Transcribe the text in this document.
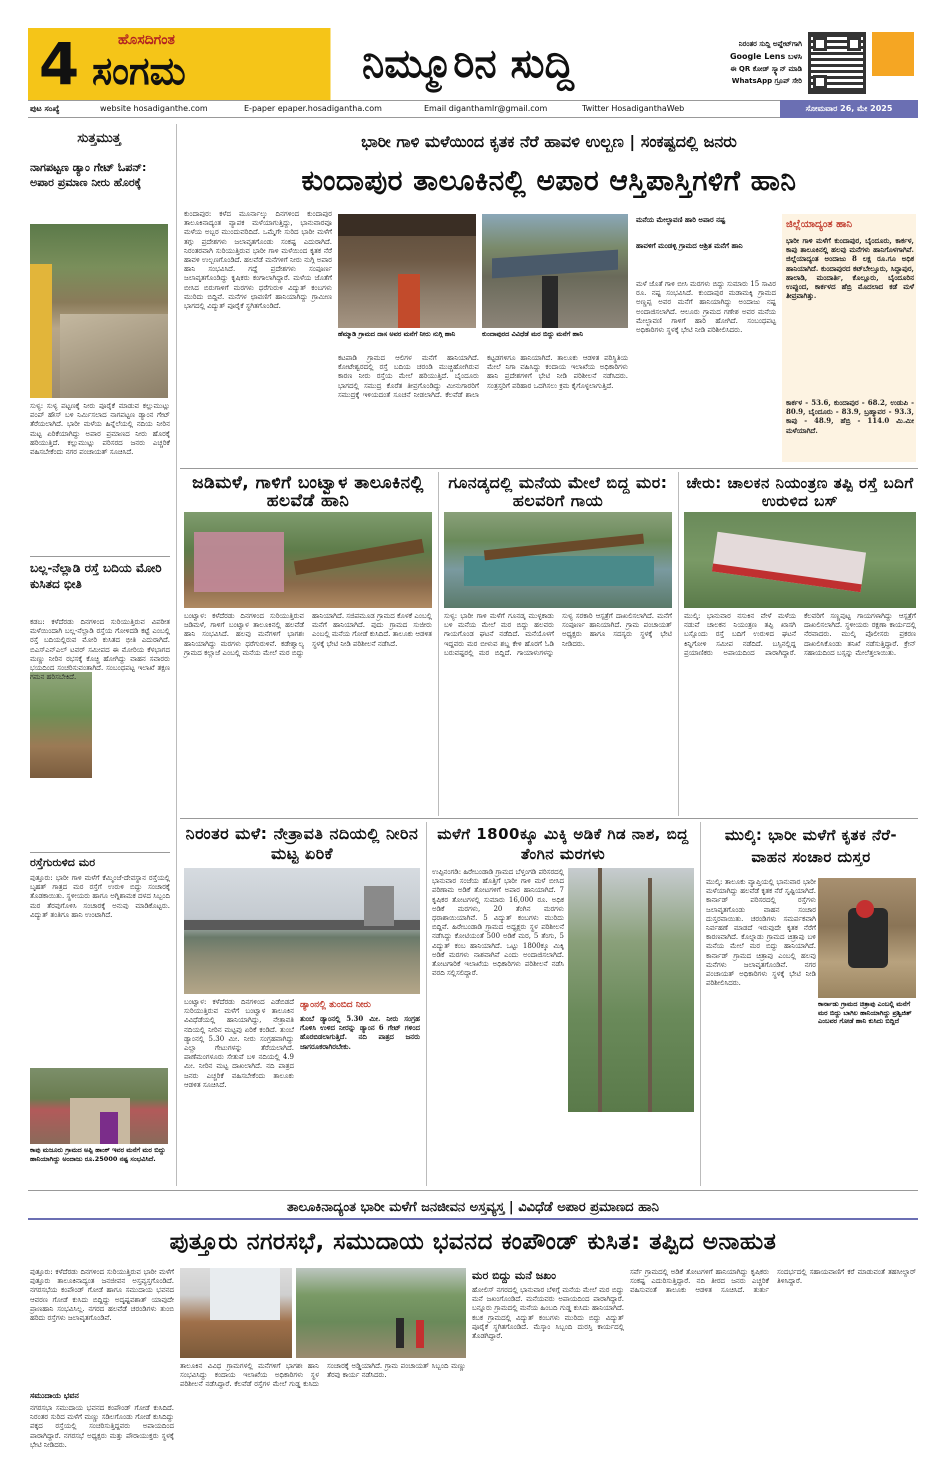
4	ಹೊಸದಿಗಂತ
ಸಂಗಮ	ನಿಮ್ಮೂರಿನ ಸುದ್ದಿ	ನಿರಂತರ ಸುದ್ದಿ ಅಪ್ಡೇಟ್‌ಗಾಗಿ
Google Lens ಬಳಸಿ
ಈ QR ಕೋಡ್ ಸ್ಕ್ಯಾನ್ ಮಾಡಿ
WhatsApp ಗ್ರೂಪ್ ಸೇರಿ
ಪುಟ ಸಂಖ್ಯೆ	website hosadiganthe.com	E-paper epaper.hosadigantha.com	Email diganthamlr@gmail.com	Twitter HosadiganthaWeb	ಸೋಮವಾರ 26, ಮೇ 2025
ಸುತ್ತಮುತ್ತ
ನಾಗಪಟ್ಟಣ ಡ್ಯಾಂ ಗೇಟ್ ಓಪನ್: ಅಪಾರ ಪ್ರಮಾಣ ನೀರು ಹೊರಕ್ಕೆ
ಸುಳ್ಯ: ಸುಳ್ಯ ಪಟ್ಟಣಕ್ಕೆ ನೀರು ಪೂರೈಕೆ ಮಾಡುವ ಕಲ್ಲುಮುಟ್ಲು ಪಂಪ್ ಹೌಸ್ ಬಳಿ ನಿರ್ಮಿಸಲಾದ ನಾಗಪಟ್ಟಣ ಡ್ಯಾಂನ ಗೇಟ್ ತೆರೆಯಲಾಗಿದೆ. ಭಾರೀ ಮಳೆಯ ಹಿನ್ನೆಲೆಯಲ್ಲಿ ನದಿಯ ನೀರಿನ ಮಟ್ಟ ಏರಿಕೆಯಾಗಿದ್ದು ಅಪಾರ ಪ್ರಮಾಣದ ನೀರು ಹೊರಕ್ಕೆ ಹರಿಯುತ್ತಿದೆ. ಕಲ್ಲುಮುಟ್ಲು ಪರಿಸರದ ಜನರು ಎಚ್ಚರಿಕೆ ವಹಿಸಬೇಕೆಂದು ನಗರ ಪಂಚಾಯತ್ ಸೂಚಿಸಿದೆ.
ಬಲ್ಲ-ನೆಲ್ಲಾಡಿ ರಸ್ತೆ ಬದಿಯ ಮೋರಿ ಕುಸಿತದ ಭೀತಿ
ಕಡಬ: ಕಳೆದೆರಡು ದಿನಗಳಿಂದ ಸುರಿಯುತ್ತಿರುವ ವಿಪರೀತ ಮಳೆಯಿಂದಾಗಿ ಬಲ್ಲ-ನೆಲ್ಲಾಡಿ ರಸ್ತೆಯ ಗೋಳಿದಡಿ ಕಟ್ಟೆ ಎಂಬಲ್ಲಿ ರಸ್ತೆ ಬದಿಯಲ್ಲಿರುವ ಮೋರಿ ಕುಸಿತದ ಭೀತಿ ಎದುರಾಗಿದೆ. ಬಿಎಸ್‌ಎನ್‌ಎಲ್ ಟವರ್ ಸಮೀಪದ ಈ ಮೋರಿಯ ಕೆಳಭಾಗದ ಮಣ್ಣು ನೀರಿನ ರಭಸಕ್ಕೆ ಕೊಚ್ಚಿ ಹೋಗಿದ್ದು ವಾಹನ ಸವಾರರು ಭಯದಿಂದ ಸಂಚರಿಸುವಂತಾಗಿದೆ. ಸಂಬಂಧಪಟ್ಟ ಇಲಾಖೆ ತಕ್ಷಣ ಗಮನ ಹರಿಸಬೇಕಿದೆ.
ರಸ್ತೆಗುರುಳಿದ ಮರ
ಪುತ್ತೂರು: ಭಾರೀ ಗಾಳಿ ಮಳೆಗೆ ಕೆಮ್ಮಿಂಜೆ-ದೇವಸ್ಥಾನ ರಸ್ತೆಯಲ್ಲಿ ಬೃಹತ್ ಗಾತ್ರದ ಮರ ರಸ್ತೆಗೆ ಉರುಳಿ ಬಿದ್ದು ಸಂಚಾರಕ್ಕೆ ತೊಡಕಾಯಿತು. ಸ್ಥಳೀಯರು ಹಾಗೂ ಅಗ್ನಿಶಾಮಕ ದಳದ ಸಿಬ್ಬಂದಿ ಮರ ತೆರವುಗೊಳಿಸಿ ಸಂಚಾರಕ್ಕೆ ಅನುವು ಮಾಡಿಕೊಟ್ಟರು. ವಿದ್ಯುತ್ ತಂತಿಗೂ ಹಾನಿ ಉಂಟಾಗಿದೆ.
ಕಾಪು ಮಜೂರು ಗ್ರಾಮದ ಅಪ್ಪಿ ಹಾಂಕ್ ಇವರ ಮನೆಗೆ ಮರ ಬಿದ್ದು ಹಾನಿಯಾಗಿದ್ದು ಅಂದಾಜು ರೂ.25000 ನಷ್ಟ ಸಂಭವಿಸಿದೆ.
ಭಾರೀ ಗಾಳಿ ಮಳೆಯಿಂದ ಕೃತಕ ನೆರೆ ಹಾವಳಿ ಉಲ್ಬಣ | ಸಂಕಷ್ಟದಲ್ಲಿ ಜನರು
ಕುಂದಾಪುರ ತಾಲೂಕಿನಲ್ಲಿ ಅಪಾರ ಆಸ್ತಿಪಾಸ್ತಿಗಳಿಗೆ ಹಾನಿ
ಕುಂದಾಪುರ: ಕಳೆದ ಮೂರ್ನಾಲ್ಕು ದಿನಗಳಿಂದ ಕುಂದಾಪುರ ತಾಲೂಕಿನಾದ್ಯಂತ ವ್ಯಾಪಕ ಮಳೆಯಾಗುತ್ತಿದ್ದು, ಭಾನುವಾರವೂ ಮಳೆಯ ಅಬ್ಬರ ಮುಂದುವರಿದಿದೆ. ಒಮ್ಮೆಗೇ ಸುರಿದ ಭಾರೀ ಮಳೆಗೆ ತಗ್ಗು ಪ್ರದೇಶಗಳು ಜಲಾವೃತಗೊಂಡು ಸಂಕಷ್ಟ ಎದುರಾಗಿದೆ. ನಿರಂತರವಾಗಿ ಸುರಿಯುತ್ತಿರುವ ಭಾರೀ ಗಾಳಿ ಮಳೆಯಿಂದ ಕೃತಕ ನೆರೆ ಹಾವಳಿ ಉಲ್ಬಣಗೊಂಡಿದೆ. ಹಲವೆಡೆ ಮನೆಗಳಿಗೆ ನೀರು ನುಗ್ಗಿ ಅಪಾರ ಹಾನಿ ಸಂಭವಿಸಿದೆ. ಗದ್ದೆ ಪ್ರದೇಶಗಳು ಸಂಪೂರ್ಣ ಜಲಾವೃತಗೊಂಡಿದ್ದು ಕೃಷಿಕರು ಕಂಗಾಲಾಗಿದ್ದಾರೆ. ಮಳೆಯ ಜೊತೆಗೆ ಬೀಸಿದ ಬಿರುಗಾಳಿಗೆ ಮರಗಳು ಧರೆಗುರುಳಿ ವಿದ್ಯುತ್ ಕಂಬಗಳು ಮುರಿದು ಬಿದ್ದಿವೆ. ಮನೆಗಳ ಛಾವಣಿಗೆ ಹಾನಿಯಾಗಿದ್ದು ಗ್ರಾಮೀಣ ಭಾಗದಲ್ಲಿ ವಿದ್ಯುತ್ ಪೂರೈಕೆ ಸ್ಥಗಿತಗೊಂಡಿದೆ.
ಹೆಮ್ಮಾಡಿ ಗ್ರಾಮದ ದಾಸ ಅವರ ಮನೆಗೆ ನೀರು ನುಗ್ಗಿ ಹಾನಿ	ಕುಂದಾಪುರದ ವಿವಿಧೆಡೆ ಮರ ಬಿದ್ದು ಮನೆಗೆ ಹಾನಿ
ಕಟಪಾಡಿ ಗ್ರಾಮದ ಆಲಿಗಳ ಮನೆಗೆ ಹಾನಿಯಾಗಿದೆ. ಕೋಟೇಶ್ವರದಲ್ಲಿ ರಸ್ತೆ ಬದಿಯ ಚರಂಡಿ ಮುಚ್ಚಿಹೋಗಿರುವ ಕಾರಣ ನೀರು ರಸ್ತೆಯ ಮೇಲೆ ಹರಿಯುತ್ತಿದೆ. ಬೈಂದೂರು ಭಾಗದಲ್ಲಿ ಸಮುದ್ರ ಕೊರೆತ ತೀವ್ರಗೊಂಡಿದ್ದು ಮೀನುಗಾರರಿಗೆ ಸಮುದ್ರಕ್ಕೆ ಇಳಿಯದಂತೆ ಸೂಚನೆ ನೀಡಲಾಗಿದೆ. ಕೆಲವೆಡೆ ಶಾಲಾ ಕಟ್ಟಡಗಳಿಗೂ ಹಾನಿಯಾಗಿದೆ. ತಾಲೂಕು ಆಡಳಿತ ಪರಿಸ್ಥಿತಿಯ ಮೇಲೆ ನಿಗಾ ವಹಿಸಿದ್ದು ಕಂದಾಯ ಇಲಾಖೆಯ ಅಧಿಕಾರಿಗಳು ಹಾನಿ ಪ್ರದೇಶಗಳಿಗೆ ಭೇಟಿ ನೀಡಿ ಪರಿಶೀಲನೆ ನಡೆಸಿದರು. ಸಂತ್ರಸ್ತರಿಗೆ ಪರಿಹಾರ ಒದಗಿಸಲು ಕ್ರಮ ಕೈಗೊಳ್ಳಲಾಗುತ್ತಿದೆ.
ಮನೆಯ ಮೇಲ್ಛಾವಣಿ ಹಾರಿ ಅಪಾರ ನಷ್ಟ
ಹಾವಳಿಗೆ ಮಂಡಳ್ಳಿ ಗ್ರಾಮದ ಆಶ್ರಿತ ಮನೆಗೆ ಹಾನಿ
ಮಳೆ ಜೊತೆ ಗಾಳಿ ಬೀಸಿ ಮರಗಳು ಬಿದ್ದು ಸುಮಾರು 15 ಸಾವಿರ ರೂ. ನಷ್ಟ ಸಂಭವಿಸಿದೆ. ಕುಂದಾಪುರ ಮಡಾಮಕ್ಕಿ ಗ್ರಾಮದ ಅಣ್ಣಪ್ಪ ಅವರ ಮನೆಗೆ ಹಾನಿಯಾಗಿದ್ದು ಅಂದಾಜು ನಷ್ಟ ಅಂದಾಜಿಸಲಾಗಿದೆ. ಆಲೂರು ಗ್ರಾಮದ ಗಣೇಶ ಅವರ ಮನೆಯ ಮೇಲ್ಛಾವಣಿ ಗಾಳಿಗೆ ಹಾರಿ ಹೋಗಿದೆ. ಸಂಬಂಧಪಟ್ಟ ಅಧಿಕಾರಿಗಳು ಸ್ಥಳಕ್ಕೆ ಭೇಟಿ ನೀಡಿ ಪರಿಶೀಲಿಸಿದರು.
ಜಿಲ್ಲೆಯಾದ್ಯಂತ ಹಾನಿ
ಭಾರೀ ಗಾಳಿ ಮಳೆಗೆ ಕುಂದಾಪುರ, ಬೈಂದೂರು, ಕಾರ್ಕಳ, ಕಾಪು ತಾಲೂಕಿನಲ್ಲಿ ಹಲವು ಮನೆಗಳು ಹಾನಿಗೊಳಗಾಗಿವೆ. ಜಿಲ್ಲೆಯಾದ್ಯಂತ ಅಂದಾಜು 8 ಲಕ್ಷ ರೂ.ಗೂ ಅಧಿಕ ಹಾನಿಯಾಗಿದೆ. ಕುಂದಾಪುರದ ಕಟ್‌ಬೇಲ್ತೂರು, ಸಿದ್ದಾಪುರ, ಹಾಲಾಡಿ, ಮಂದಾರ್ತಿ, ಕೊಲ್ಲೂರು, ಬೈಂದೂರಿನ ಉಪ್ಪುಂದ, ಕಾರ್ಕಳದ ಹೆಬ್ರಿ ಮೊದಲಾದ ಕಡೆ ಮಳೆ ತೀವ್ರವಾಗಿತ್ತು.
ಕಾರ್ಕಳ - 53.6, ಕುಂದಾಪುರ - 68.2, ಉಡುಪಿ - 80.9, ಬೈಂದೂರು - 83.9, ಬ್ರಹ್ಮಾವರ - 93.3, ಕಾಪು - 48.9, ಹೆಬ್ರಿ - 114.0 ಮಿ.ಮೀ ಮಳೆಯಾಗಿದೆ.
ಜಡಿಮಳೆ, ಗಾಳಿಗೆ ಬಂಟ್ವಾಳ ತಾಲೂಕಿನಲ್ಲಿ ಹಲವೆಡೆ ಹಾನಿ
ಬಂಟ್ವಾಳ: ಕಳೆದೆರಡು ದಿನಗಳಿಂದ ಸುರಿಯುತ್ತಿರುವ ಜಡಿಮಳೆ, ಗಾಳಿಗೆ ಬಂಟ್ವಾಳ ತಾಲೂಕಿನಲ್ಲಿ ಹಲವೆಡೆ ಹಾನಿ ಸಂಭವಿಸಿದೆ. ಹಲವು ಮನೆಗಳಿಗೆ ಭಾಗಶಃ ಹಾನಿಯಾಗಿದ್ದು ಮರಗಳು ಧರೆಗುರುಳಿವೆ. ಕಡೇಶ್ವಾಲ್ಯ ಗ್ರಾಮದ ಕಲ್ಲಾಜೆ ಎಂಬಲ್ಲಿ ಮನೆಯ ಮೇಲೆ ಮರ ಬಿದ್ದು ಹಾನಿಯಾಗಿದೆ. ಸಜಿಪಮೂಡ ಗ್ರಾಮದ ಕೊಳಕೆ ಎಂಬಲ್ಲಿ ಮನೆಗೆ ಹಾನಿಯಾಗಿದೆ. ಪುದು ಗ್ರಾಮದ ಸುಜೀರು ಎಂಬಲ್ಲಿ ಮನೆಯ ಗೋಡೆ ಕುಸಿದಿದೆ. ತಾಲೂಕು ಆಡಳಿತ ಸ್ಥಳಕ್ಕೆ ಭೇಟಿ ನೀಡಿ ಪರಿಶೀಲನೆ ನಡೆಸಿದೆ.
ಗೂನಡ್ಕದಲ್ಲಿ ಮನೆಯ ಮೇಲೆ ಬಿದ್ದ ಮರ: ಹಲವರಿಗೆ ಗಾಯ
ಸುಳ್ಯ: ಭಾರೀ ಗಾಳಿ ಮಳೆಗೆ ಗೂನಡ್ಕ ಮುಳ್ಳಕಾಡು ಬಳಿ ಮನೆಯ ಮೇಲೆ ಮರ ಬಿದ್ದು ಹಲವರು ಗಾಯಗೊಂಡ ಘಟನೆ ನಡೆದಿದೆ. ಮನೆಯೊಳಗೆ ಇದ್ದವರು ಮರ ಬೀಳುವ ಶಬ್ದ ಕೇಳಿ ಹೊರಗೆ ಓಡಿ ಬರುವಷ್ಟರಲ್ಲಿ ಮರ ಬಿದ್ದಿದೆ. ಗಾಯಾಳುಗಳನ್ನು ಸುಳ್ಯ ಸರಕಾರಿ ಆಸ್ಪತ್ರೆಗೆ ದಾಖಲಿಸಲಾಗಿದೆ. ಮನೆಗೆ ಸಂಪೂರ್ಣ ಹಾನಿಯಾಗಿದೆ. ಗ್ರಾಮ ಪಂಚಾಯತ್ ಅಧ್ಯಕ್ಷರು ಹಾಗೂ ಸದಸ್ಯರು ಸ್ಥಳಕ್ಕೆ ಭೇಟಿ ನೀಡಿದರು.
ಚೇರು: ಚಾಲಕನ ನಿಯಂತ್ರಣ ತಪ್ಪಿ ರಸ್ತೆ ಬದಿಗೆ ಉರುಳಿದ ಬಸ್
ಮುಲ್ಕಿ: ಭಾನುವಾರ ನಸುಕಿನ ವೇಳೆ ಮಳೆಯ ನಡುವೆ ಚಾಲಕನ ನಿಯಂತ್ರಣ ತಪ್ಪಿ ಖಾಸಗಿ ಬಸ್ಸೊಂದು ರಸ್ತೆ ಬದಿಗೆ ಉರುಳಿದ ಘಟನೆ ಕಿನ್ನಿಗೋಳಿ ಸಮೀಪ ನಡೆದಿದೆ. ಬಸ್ಸಿನಲ್ಲಿದ್ದ ಪ್ರಯಾಣಿಕರು ಅಪಾಯದಿಂದ ಪಾರಾಗಿದ್ದಾರೆ. ಕೆಲವರಿಗೆ ಸಣ್ಣಪುಟ್ಟ ಗಾಯಗಳಾಗಿದ್ದು ಆಸ್ಪತ್ರೆಗೆ ದಾಖಲಿಸಲಾಗಿದೆ. ಸ್ಥಳೀಯರು ರಕ್ಷಣಾ ಕಾರ್ಯದಲ್ಲಿ ನೆರವಾದರು. ಮುಲ್ಕಿ ಪೊಲೀಸರು ಪ್ರಕರಣ ದಾಖಲಿಸಿಕೊಂಡು ತನಿಖೆ ನಡೆಸುತ್ತಿದ್ದಾರೆ. ಕ್ರೇನ್ ಸಹಾಯದಿಂದ ಬಸ್ಸನ್ನು ಮೇಲೆತ್ತಲಾಯಿತು.
ನಿರಂತರ ಮಳೆ: ನೇತ್ರಾವತಿ ನದಿಯಲ್ಲಿ ನೀರಿನ ಮಟ್ಟ ಏರಿಕೆ
ಬಂಟ್ವಾಳ: ಕಳೆದೆರಡು ದಿನಗಳಿಂದ ಎಡೆಬಿಡದೆ ಸುರಿಯುತ್ತಿರುವ ಮಳೆಗೆ ಬಂಟ್ವಾಳ ತಾಲೂಕಿನ ವಿವಿಧೆಡೆಯಲ್ಲಿ ಹಾನಿಯಾಗಿದ್ದು, ನೇತ್ರಾವತಿ ನದಿಯಲ್ಲಿ ನೀರಿನ ಮಟ್ಟವು ಏರಿಕೆ ಕಂಡಿದೆ. ತುಂಬೆ ಡ್ಯಾಂನಲ್ಲಿ 5.30 ಮೀ. ನೀರು ಸಂಗ್ರಹವಾಗಿದ್ದು ಎಲ್ಲಾ ಗೇಟುಗಳನ್ನು ತೆರೆಯಲಾಗಿದೆ. ಪಾಣೆಮಂಗಳೂರು ಸೇತುವೆ ಬಳಿ ನದಿಯಲ್ಲಿ 4.9 ಮೀ. ನೀರಿನ ಮಟ್ಟ ದಾಖಲಾಗಿದೆ. ನದಿ ಪಾತ್ರದ ಜನರು ಎಚ್ಚರಿಕೆ ವಹಿಸಬೇಕೆಂದು ತಾಲೂಕು ಆಡಳಿತ ಸೂಚಿಸಿದೆ.
ಡ್ಯಾಂನಲ್ಲಿ ತುಂಬಿದ ನೀರು
ತುಂಬೆ ಡ್ಯಾಂನಲ್ಲಿ 5.30 ಮೀ. ನೀರು ಸಂಗ್ರಹ ಗೊಳಿಸಿ ಉಳಿದ ನೀರನ್ನು ಡ್ಯಾಂನ 6 ಗೇಟ್ ಗಳಿಂದ ಹೊರಬಿಡಲಾಗುತ್ತಿದೆ. ನದಿ ಪಾತ್ರದ ಜನರು ಜಾಗರೂಕರಾಗಿರಬೇಕು.
ಮಳೆಗೆ 1800ಕ್ಕೂ ಮಿಕ್ಕಿ ಅಡಿಕೆ ಗಿಡ ನಾಶ, ಬಿದ್ದ ತೆಂಗಿನ ಮರಗಳು
ಉಪ್ಪಿನಂಗಡಿ: ಹಿರೇಬಂಡಾಡಿ ಗ್ರಾಮದ ಬೆಳ್ತಂಗಡಿ ಪರಿಸರದಲ್ಲಿ ಭಾನುವಾರ ಸಂಜೆಯ ಹೊತ್ತಿಗೆ ಭಾರೀ ಗಾಳಿ ಮಳೆ ಬೀಸಿದ ಪರಿಣಾಮ ಅಡಿಕೆ ತೋಟಗಳಿಗೆ ಅಪಾರ ಹಾನಿಯಾಗಿದೆ. 7 ಕೃಷಿಕರ ತೋಟಗಳಲ್ಲಿ ಸುಮಾರು 16,000 ರೂ. ಅಧಿಕ ಅಡಿಕೆ ಮರಗಳು, 20 ತೆಂಗಿನ ಮರಗಳು ಧರಾಶಾಯಿಯಾಗಿವೆ. 5 ವಿದ್ಯುತ್ ಕಂಬಗಳು ಮುರಿದು ಬಿದ್ದಿವೆ. ಹಿರೇಬಂಡಾಡಿ ಗ್ರಾಮದ ಅಧ್ಯಕ್ಷರು ಸ್ಥಳ ಪರಿಶೀಲನೆ ನಡೆಸಿದ್ದು ಕೋಟಿಯಂತೆ 500 ಅಡಿಕೆ ಮರ, 5 ತೆಂಗು, 5 ವಿದ್ಯುತ್ ಕಂಬ ಹಾನಿಯಾಗಿದೆ. ಒಟ್ಟು 1800ಕ್ಕೂ ಮಿಕ್ಕಿ ಅಡಿಕೆ ಮರಗಳು ನಾಶವಾಗಿವೆ ಎಂದು ಅಂದಾಜಿಸಲಾಗಿದೆ. ತೋಟಗಾರಿಕೆ ಇಲಾಖೆಯ ಅಧಿಕಾರಿಗಳು ಪರಿಶೀಲನೆ ನಡೆಸಿ ವರದಿ ಸಲ್ಲಿಸಲಿದ್ದಾರೆ.
ಮುಲ್ಕಿ: ಭಾರೀ ಮಳೆಗೆ ಕೃತಕ ನೆರೆ- ವಾಹನ ಸಂಚಾರ ದುಸ್ತರ
ಮುಲ್ಕಿ: ತಾಲೂಕು ವ್ಯಾಪ್ತಿಯಲ್ಲಿ ಭಾನುವಾರ ಭಾರೀ ಮಳೆಯಾಗಿದ್ದು ಹಲವೆಡೆ ಕೃತಕ ನೆರೆ ಸೃಷ್ಟಿಯಾಗಿದೆ. ಕಾರ್ನಾಡ್ ಪರಿಸರದಲ್ಲಿ ರಸ್ತೆಗಳು ಜಲಾವೃತಗೊಂಡು ವಾಹನ ಸಂಚಾರ ದುಸ್ತರವಾಯಿತು. ಚರಂಡಿಗಳು ಸಮರ್ಪಕವಾಗಿ ನಿರ್ವಹಣೆ ಮಾಡದೆ ಇರುವುದೇ ಕೃತಕ ನೆರೆಗೆ ಕಾರಣವಾಗಿದೆ. ಕೊಲ್ನಾಡು ಗ್ರಾಮದ ಚಿತ್ರಾಪು ಬಳಿ ಮನೆಯ ಮೇಲೆ ಮರ ಬಿದ್ದು ಹಾನಿಯಾಗಿದೆ. ಕಾರ್ನಾಡ್ ಗ್ರಾಮದ ಚಿತ್ರಾಪು ಎಂಬಲ್ಲಿ ಹಲವು ಮನೆಗಳು ಜಲಾವೃತಗೊಂಡಿವೆ. ನಗರ ಪಂಚಾಯತ್ ಅಧಿಕಾರಿಗಳು ಸ್ಥಳಕ್ಕೆ ಭೇಟಿ ನೀಡಿ ಪರಿಶೀಲಿಸಿದರು.
ಕಾರ್ನಾಡು ಗ್ರಾಮದ ಚಿತ್ರಾಪು ಎಂಬಲ್ಲಿ ಮನೆಗೆ ಮರ ಬಿದ್ದು ಬಾಗಿಲ ಹಾನಿಯಾಗಿದ್ದು ಪ್ರಶ್ವಿಜಿತ್ ಎಂಬವರ ಗೋಡೆ ಹಾನಿ ಕುಸಿದು ಬಿದ್ದಿದೆ
ತಾಲೂಕಿನಾದ್ಯಂತ ಭಾರೀ ಮಳೆಗೆ ಜನಜೀವನ ಅಸ್ತವ್ಯಸ್ತ | ವಿವಿಧೆಡೆ ಅಪಾರ ಪ್ರಮಾಣದ ಹಾನಿ
ಪುತ್ತೂರು ನಗರಸಭೆ, ಸಮುದಾಯ ಭವನದ ಕಂಪೌಂಡ್ ಕುಸಿತ: ತಪ್ಪಿದ ಅನಾಹುತ
ಪುತ್ತೂರು: ಕಳೆದೆರಡು ದಿನಗಳಿಂದ ಸುರಿಯುತ್ತಿರುವ ಭಾರೀ ಮಳೆಗೆ ಪುತ್ತೂರು ತಾಲೂಕಿನಾದ್ಯಂತ ಜನಜೀವನ ಅಸ್ತವ್ಯಸ್ತಗೊಂಡಿದೆ. ನಗರಸಭೆಯ ಕಂಪೌಂಡ್ ಗೋಡೆ ಹಾಗೂ ಸಮುದಾಯ ಭವನದ ಆವರಣ ಗೋಡೆ ಕುಸಿದು ಬಿದ್ದಿದ್ದು ಅದೃಷ್ಟವಶಾತ್ ಯಾವುದೇ ಪ್ರಾಣಹಾನಿ ಸಂಭವಿಸಿಲ್ಲ. ನಗರದ ಹಲವೆಡೆ ಚರಂಡಿಗಳು ತುಂಬಿ ಹರಿದು ರಸ್ತೆಗಳು ಜಲಾವೃತಗೊಂಡಿವೆ.
ಸಮುದಾಯ ಭವನ
ನಗರಸಭಾ ಸಮುದಾಯ ಭವನದ ಕಂಪೌಂಡ್ ಗೋಡೆ ಕುಸಿದಿದೆ. ನಿರಂತರ ಸುರಿದ ಮಳೆಗೆ ಮಣ್ಣು ಸಡಿಲಗೊಂಡು ಗೋಡೆ ಕುಸಿದಿದ್ದು ಪಕ್ಕದ ರಸ್ತೆಯಲ್ಲಿ ಸಂಚರಿಸುತ್ತಿದ್ದವರು ಅಪಾಯದಿಂದ ಪಾರಾಗಿದ್ದಾರೆ. ನಗರಸಭೆ ಅಧ್ಯಕ್ಷರು ಮತ್ತು ಪೌರಾಯುಕ್ತರು ಸ್ಥಳಕ್ಕೆ ಭೇಟಿ ನೀಡಿದರು.
ತಾಲೂಕಿನ ವಿವಿಧ ಗ್ರಾಮಗಳಲ್ಲಿ ಮನೆಗಳಿಗೆ ಭಾಗಶಃ ಹಾನಿ ಸಂಭವಿಸಿದ್ದು ಕಂದಾಯ ಇಲಾಖೆಯ ಅಧಿಕಾರಿಗಳು ಸ್ಥಳ ಪರಿಶೀಲನೆ ನಡೆಸಿದ್ದಾರೆ. ಕೆಲವೆಡೆ ರಸ್ತೆಗಳ ಮೇಲೆ ಗುಡ್ಡ ಕುಸಿದು ಸಂಚಾರಕ್ಕೆ ಅಡ್ಡಿಯಾಗಿದೆ. ಗ್ರಾಮ ಪಂಚಾಯತ್ ಸಿಬ್ಬಂದಿ ಮಣ್ಣು ತೆರವು ಕಾರ್ಯ ನಡೆಸಿದರು.
ಮರ ಬಿದ್ದು ಮನೆ ಜಖಂ
ಹೋಲಿಸ್ ನಗರದಲ್ಲಿ ಭಾನುವಾರ ಬೆಳಿಗ್ಗೆ ಮನೆಯ ಮೇಲೆ ಮರ ಬಿದ್ದು ಮನೆ ಜಖಂಗೊಂಡಿದೆ. ಮನೆಯವರು ಅಪಾಯದಿಂದ ಪಾರಾಗಿದ್ದಾರೆ. ಬನ್ನೂರು ಗ್ರಾಮದಲ್ಲಿ ಮನೆಯ ಹಿಂಬದಿ ಗುಡ್ಡ ಕುಸಿದು ಹಾನಿಯಾಗಿದೆ. ಕಬಕ ಗ್ರಾಮದಲ್ಲಿ ವಿದ್ಯುತ್ ಕಂಬಗಳು ಮುರಿದು ಬಿದ್ದು ವಿದ್ಯುತ್ ಪೂರೈಕೆ ಸ್ಥಗಿತಗೊಂಡಿದೆ. ಮೆಸ್ಕಾಂ ಸಿಬ್ಬಂದಿ ದುರಸ್ತಿ ಕಾರ್ಯದಲ್ಲಿ ತೊಡಗಿದ್ದಾರೆ.
ಸರ್ವೆ ಗ್ರಾಮದಲ್ಲಿ ಅಡಿಕೆ ತೋಟಗಳಿಗೆ ಹಾನಿಯಾಗಿದ್ದು ಕೃಷಿಕರು ಸಂಕಷ್ಟ ಎದುರಿಸುತ್ತಿದ್ದಾರೆ. ನದಿ ತೀರದ ಜನರು ಎಚ್ಚರಿಕೆ ವಹಿಸುವಂತೆ ತಾಲೂಕು ಆಡಳಿತ ಸೂಚಿಸಿದೆ. ತುರ್ತು ಸಂದರ್ಭದಲ್ಲಿ ಸಹಾಯವಾಣಿಗೆ ಕರೆ ಮಾಡುವಂತೆ ತಹಸೀಲ್ದಾರ್ ತಿಳಿಸಿದ್ದಾರೆ.
